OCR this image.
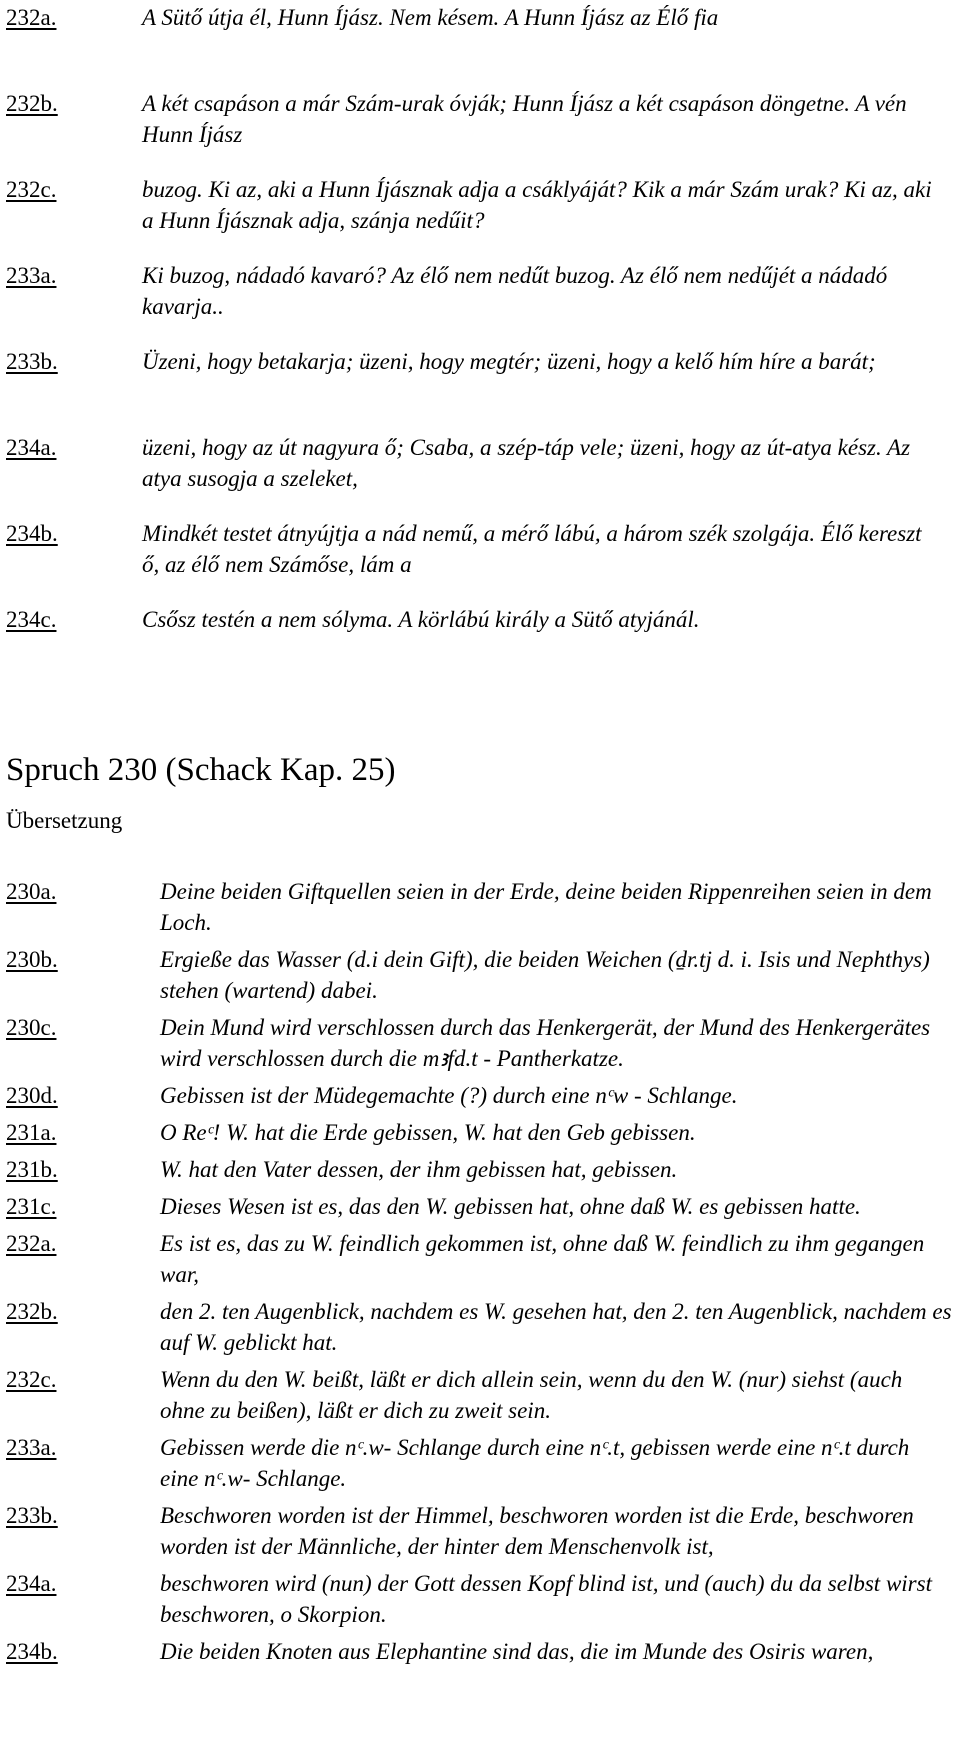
232a.	A Sütő útja él, Hunn Íjász. Nem késem. A Hunn Íjász az Élő fia
232b.	A két csapáson a már Szám-urak óvják; Hunn Íjász a két csapáson döngetne. A vén Hunn Íjász
232c.	buzog. Ki az, aki a Hunn Íjásznak adja a csáklyáját? Kik a már Szám urak? Ki az, aki a Hunn Íjásznak adja, szánja nedűit?
233a.	Ki buzog, nádadó kavaró? Az élő nem nedűt buzog. Az élő nem nedűjét a nádadó kavarja..
233b.	Üzeni, hogy betakarja; üzeni, hogy megtér; üzeni, hogy a kelő hím híre a barát;
234a.	üzeni, hogy az út nagyura ő; Csaba, a szép-táp vele; üzeni, hogy az út-atya kész. Az atya susogja a szeleket,
234b.	Mindkét testet átnyújtja a nád nemű, a mérő lábú, a három szék szolgája. Élő kereszt ő, az élő nem Számőse, lám a
234c.	Csősz testén a nem sólyma. A körlábú király a Sütő atyjánál.
Spruch 230 (Schack Kap. 25)
Übersetzung
230a.	Deine beiden Giftquellen seien in der Erde, deine beiden Rippenreihen seien in dem Loch.
230b.	Ergieße das Wasser (d.i dein Gift), die beiden Weichen (ḏr.tj d. i. Isis und Nephthys) stehen (wartend) dabei.
230c.	Dein Mund wird verschlossen durch das Henkergerät, der Mund des Henkergerätes wird verschlossen durch die mꜣfd.t - Pantherkatze.
230d.	Gebissen ist der Müdegemachte (?) durch eine nᶜw - Schlange.
231a.	O Reᶜ! W. hat die Erde gebissen, W. hat den Geb gebissen.
231b.	W. hat den Vater dessen, der ihm gebissen hat, gebissen.
231c.	Dieses Wesen ist es, das den W. gebissen hat, ohne daß W. es gebissen hatte.
232a.	Es ist es, das zu W. feindlich gekommen ist, ohne daß W. feindlich zu ihm gegangen war,
232b.	den 2. ten Augenblick, nachdem es W. gesehen hat, den 2. ten Augenblick, nachdem es auf W. geblickt hat.
232c.	Wenn du den W. beißt, läßt er dich allein sein, wenn du den W. (nur) siehst (auch ohne zu beißen), läßt er dich zu zweit sein.
233a.	Gebissen werde die nᶜ.w- Schlange durch eine nᶜ.t, gebissen werde eine nᶜ.t durch eine nᶜ.w- Schlange.
233b.	Beschworen worden ist der Himmel, beschworen worden ist die Erde, beschworen worden ist der Männliche, der hinter dem Menschenvolk ist,
234a.	beschworen wird (nun) der Gott dessen Kopf blind ist, und (auch) du da selbst wirst beschworen, o Skorpion.
234b.	Die beiden Knoten aus Elephantine sind das, die im Munde des Osiris waren,
